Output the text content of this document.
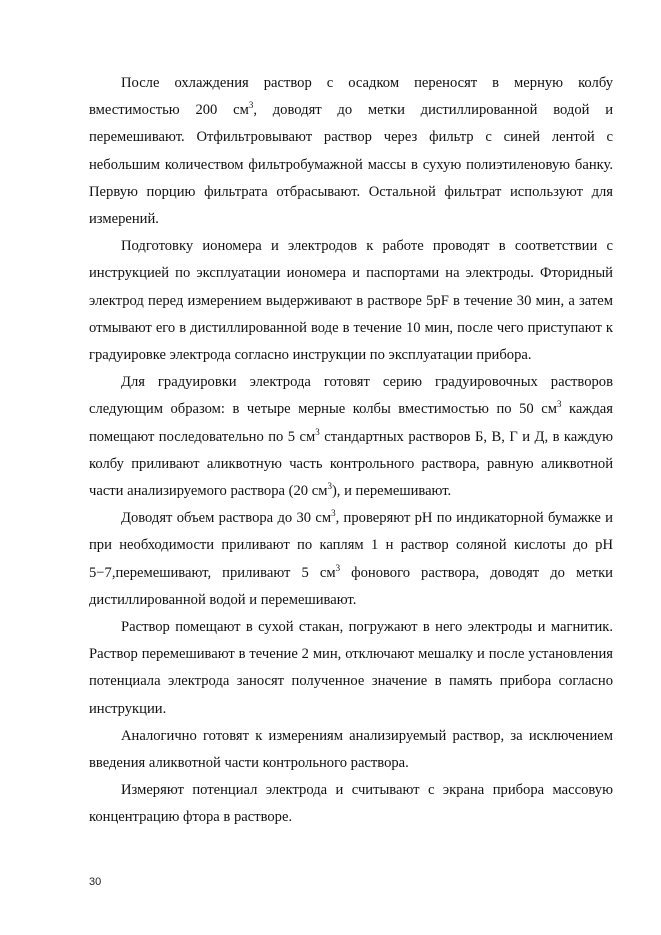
После охлаждения раствор с осадком переносят в мерную колбу вместимостью 200 $см^3$, доводят до метки дистиллированной водой и перемешивают. Отфильтровывают раствор через фильтр с синей лентой с небольшим количеством фильтробумажной массы в сухую полиэтиленовую банку. Первую порцию фильтрата отбрасывают. Остальной фильтрат используют для измерений.

Подготовку иономера и электродов к работе проводят в соответствии с инструкцией по эксплуатации иономера и паспортами на электроды. Фторидный электрод перед измерением выдерживают в растворе 5pF в течение 30 мин, а затем отмывают его в дистиллированной воде в течение 10 мин, после чего приступают к градуировке электрода согласно инструкции по эксплуатации прибора.

Для градуировки электрода готовят серию градуировочных растворов следующим образом: в четыре мерные колбы вместимостью по 50 $см^3$ каждая помещают последовательно по 5 $см^3$ стандартных растворов Б, В, Г и Д, в каждую колбу приливают аликвотную часть контрольного раствора, равную аликвотной части анализируемого раствора (20 $см^3$), и перемешивают.

Доводят объем раствора до 30 $см^3$, проверяют рН по индикаторной бумажке и при необходимости приливают по каплям 1 н раствор соляной кислоты до рН 5−7,перемешивают, приливают 5 $см^3$ фонового раствора, доводят до метки дистиллированной водой и перемешивают.

Раствор помещают в сухой стакан, погружают в него электроды и магнитик. Раствор перемешивают в течение 2 мин, отключают мешалку и после установления потенциала электрода заносят полученное значение в память прибора согласно инструкции.

Аналогично готовят к измерениям анализируемый раствор, за исключением введения аликвотной части контрольного раствора.

Измеряют потенциал электрода и считывают с экрана прибора массовую концентрацию фтора в растворе.

30
